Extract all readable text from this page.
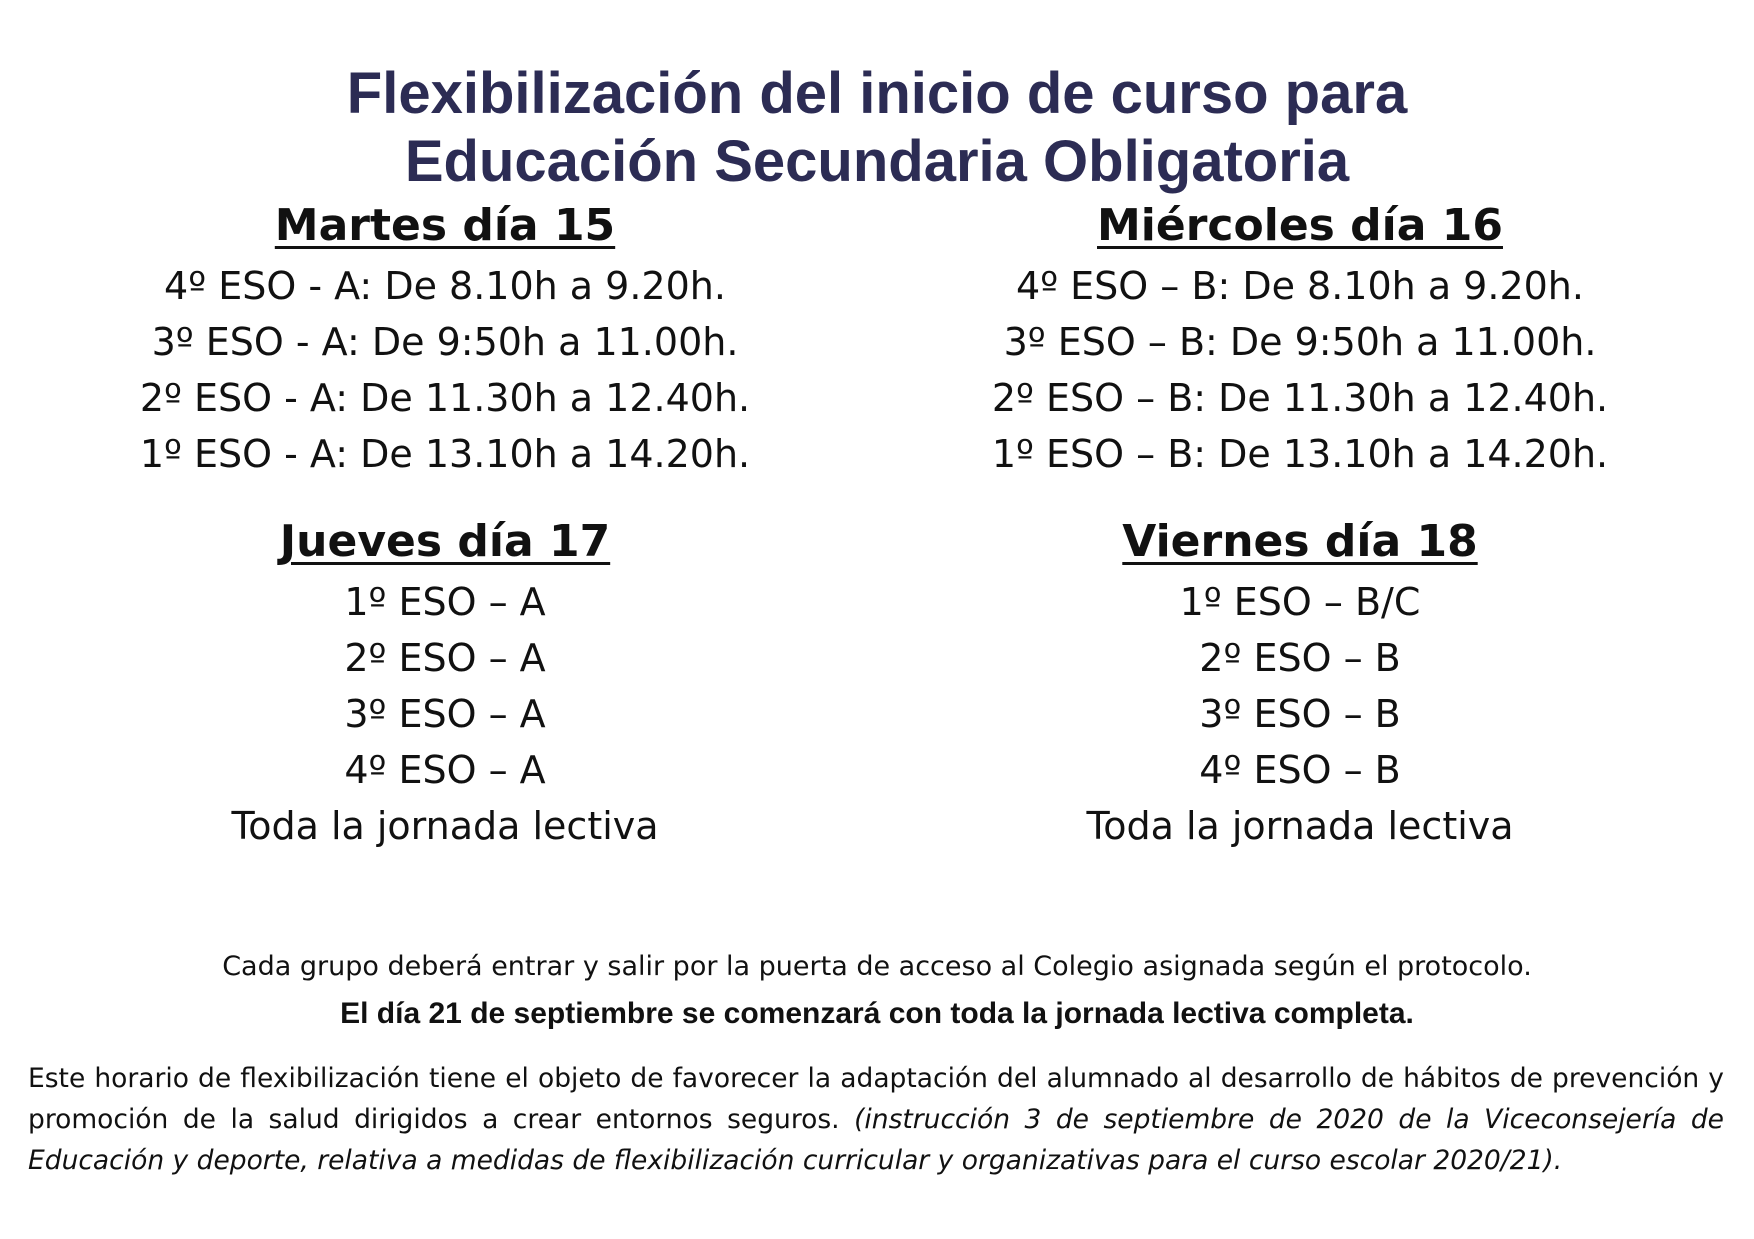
Flexibilización del inicio de curso para
Educación Secundaria Obligatoria
Martes día 15
4º ESO - A: De 8.10h a 9.20h.
3º ESO - A: De 9:50h a 11.00h.
2º ESO - A: De 11.30h a 12.40h.
1º ESO - A: De 13.10h a 14.20h.
Miércoles día 16
4º ESO – B: De 8.10h a 9.20h.
3º ESO – B: De 9:50h a 11.00h.
2º ESO – B: De 11.30h a 12.40h.
1º ESO – B: De 13.10h a 14.20h.
Jueves día 17
1º ESO – A
2º ESO – A
3º ESO – A
4º ESO – A
Toda la jornada lectiva
Viernes día 18
1º ESO – B/C
2º ESO – B
3º ESO – B
4º ESO – B
Toda la jornada lectiva
Cada grupo deberá entrar y salir por la puerta de acceso al Colegio asignada según el protocolo.
El día 21 de septiembre se comenzará con toda la jornada lectiva completa.
Este horario de flexibilización tiene el objeto de favorecer la adaptación del alumnado al desarrollo de hábitos de prevención y promoción de la salud dirigidos a crear entornos seguros. (instrucción 3 de septiembre de 2020 de la Viceconsejería de Educación y deporte, relativa a medidas de flexibilización curricular y organizativas para el curso escolar 2020/21).
